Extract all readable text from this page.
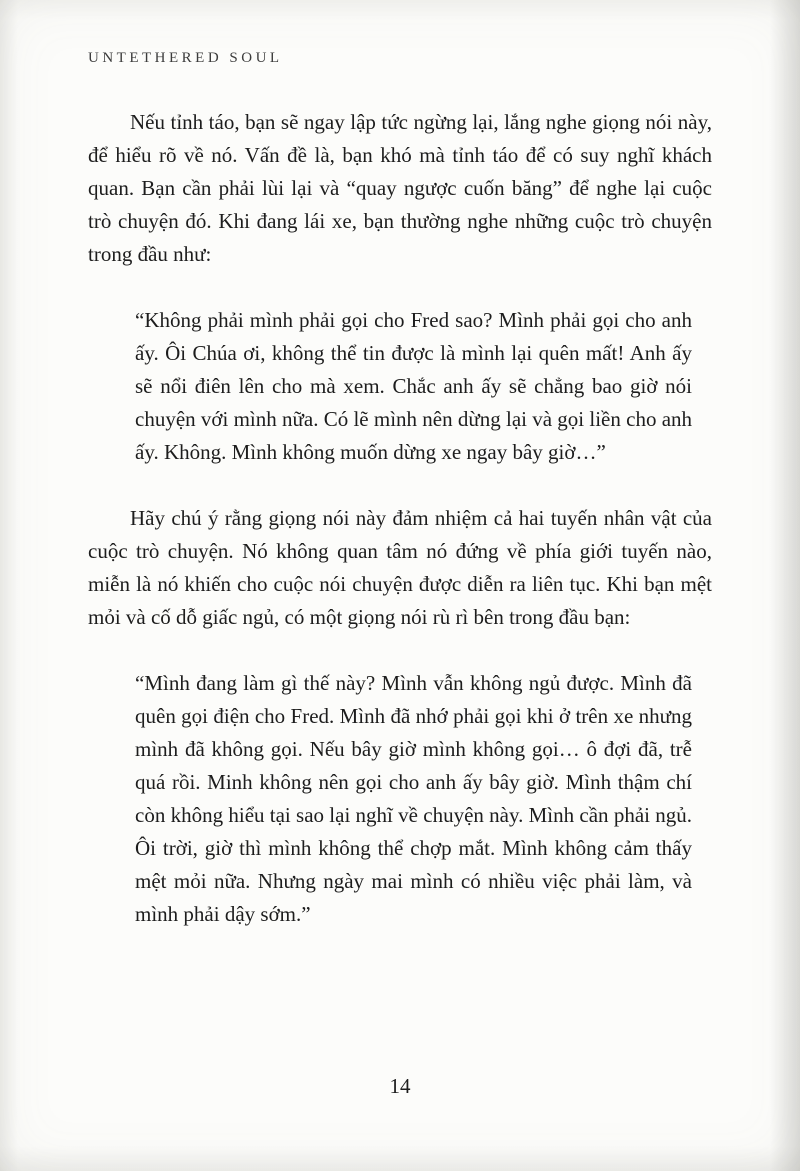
UNTETHERED SOUL

Nếu tỉnh táo, bạn sẽ ngay lập tức ngừng lại, lắng nghe giọng nói này, để hiểu rõ về nó. Vấn đề là, bạn khó mà tỉnh táo để có suy nghĩ khách quan. Bạn cần phải lùi lại và “quay ngược cuốn băng” để nghe lại cuộc trò chuyện đó. Khi đang lái xe, bạn thường nghe những cuộc trò chuyện trong đầu như:

“Không phải mình phải gọi cho Fred sao? Mình phải gọi cho anh ấy. Ôi Chúa ơi, không thể tin được là mình lại quên mất! Anh ấy sẽ nổi điên lên cho mà xem. Chắc anh ấy sẽ chẳng bao giờ nói chuyện với mình nữa. Có lẽ mình nên dừng lại và gọi liền cho anh ấy. Không. Mình không muốn dừng xe ngay bây giờ…”

Hãy chú ý rằng giọng nói này đảm nhiệm cả hai tuyến nhân vật của cuộc trò chuyện. Nó không quan tâm nó đứng về phía giới tuyến nào, miễn là nó khiến cho cuộc nói chuyện được diễn ra liên tục. Khi bạn mệt mỏi và cố dỗ giấc ngủ, có một giọng nói rù rì bên trong đầu bạn:

“Mình đang làm gì thế này? Mình vẫn không ngủ được. Mình đã quên gọi điện cho Fred. Mình đã nhớ phải gọi khi ở trên xe nhưng mình đã không gọi. Nếu bây giờ mình không gọi… ô đợi đã, trễ quá rồi. Minh không nên gọi cho anh ấy bây giờ. Mình thậm chí còn không hiểu tại sao lại nghĩ về chuyện này. Mình cần phải ngủ. Ôi trời, giờ thì mình không thể chợp mắt. Mình không cảm thấy mệt mỏi nữa. Nhưng ngày mai mình có nhiều việc phải làm, và mình phải dậy sớm.”

14
